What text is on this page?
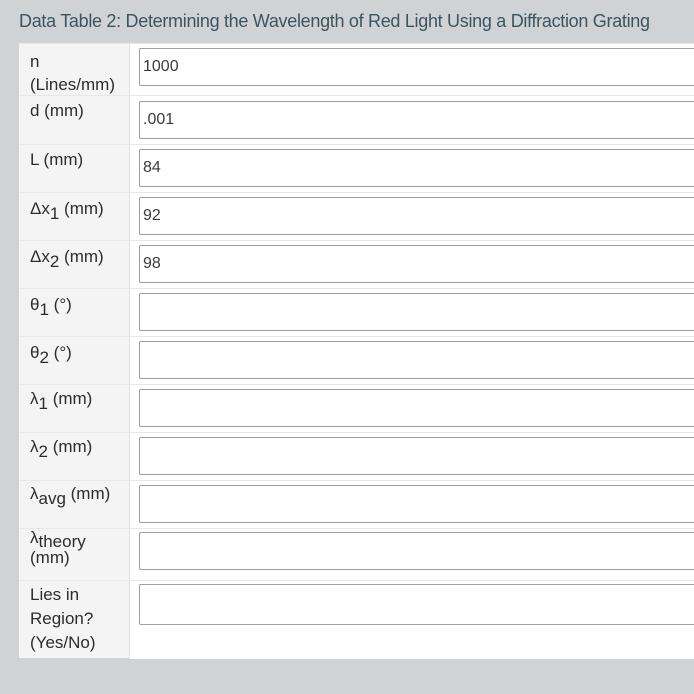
Data Table 2: Determining the Wavelength of Red Light Using a Diffraction Grating
n
(Lines/mm)
1000
d (mm)
.001
L (mm)
84
Δx1 (mm)
92
Δx2 (mm)
98
θ1 (°)
θ2 (°)
λ1 (mm)
λ2 (mm)
λavg (mm)
λtheory
(mm)
Lies in
Region?
(Yes/No)
